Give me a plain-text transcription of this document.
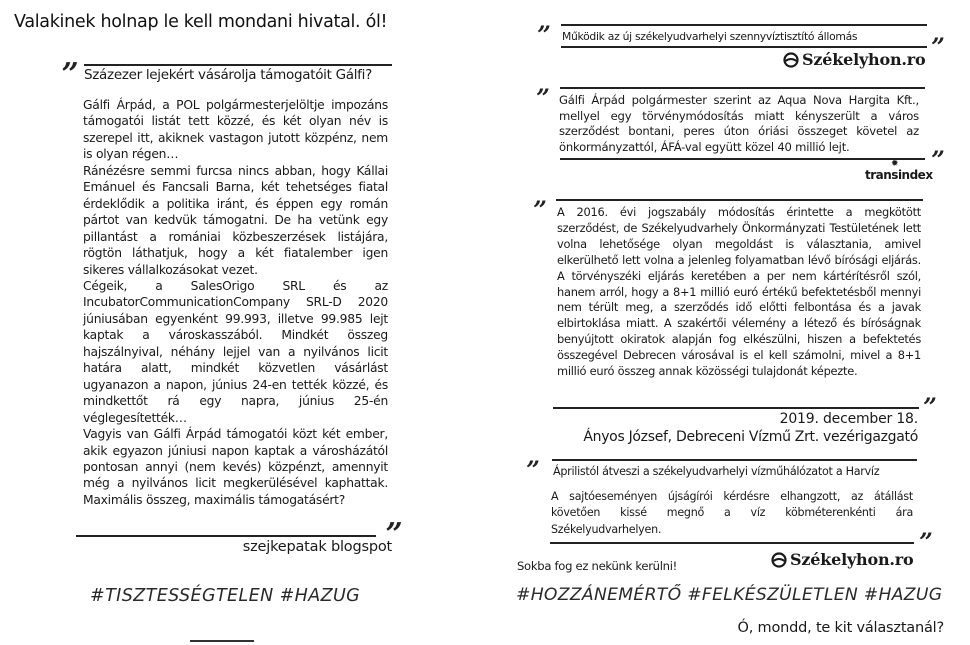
Valakinek holnap le kell mondani hivatal. ól!
” Százezer lejekért vásárolja támogatóit Gálfi?

Gálfi Árpád, a POL polgármesterjelöltje impozáns támogatói listát tett közzé, és két olyan név is szerepel itt, akiknek vastagon jutott közpénz, nem is olyan régen…

Ránézésre semmi furcsa nincs abban, hogy Kállai Emánuel és Fancsali Barna, két tehetséges fiatal érdeklődik a politika iránt, és éppen egy román pártot van kedvük támogatni. De ha vetünk egy pillantást a romániai közbeszerzések listájára, rögtön láthatjuk, hogy a két fiatalember igen sikeres vállalkozásokat vezet.

Cégeik, a SalesOrigo SRL és az IncubatorCommunicationCompany SRL-D 2020 júniusában egyenként 99.993, illetve 99.985 lejt kaptak a városkasszából. Mindkét összeg hajszálnyival, néhány lejjel van a nyilvános licit határa alatt, mindkét közvetlen vásárlást ugyanazon a napon, június 24-en tették közzé, és mindkettőt rá egy napra, június 25-én véglegesítették…

Vagyis van Gálfi Árpád támogatói közt két ember, akik egyazon júniusi napon kaptak a városházától pontosan annyi (nem kevés) közpénzt, amennyit még a nyilvános licit megkerülésével kaphattak. Maximális összeg, maximális támogatásért?

”
szejkepatak blogspot
#TISZTESSÉGTELEN #HAZUG
” Működik az új székelyudvarhelyi szennyvíztisztító állomás	”
Székelyhon.ro
” Gálfi Árpád polgármester szerint az Aqua Nova Hargita Kft., mellyel egy törvénymódosítás miatt kényszerült a város szerződést bontani, peres úton óriási összeget követel az önkormányzattól, ÁFÁ-val együtt közel 40 millió lejt.	”
✹
transindex
” A 2016. évi jogszabály módosítás érintette a megkötött szerződést, de Székelyudvarhely Önkormányzati Testületének lett volna lehetősége olyan megoldást is választania, amivel elkerülhető lett volna a jelenleg folyamatban lévő bírósági eljárás. A törvényszéki eljárás keretében a per nem kártérítésről szól, hanem arról, hogy a 8+1 millió euró értékű befektetésből mennyi nem térült meg, a szerződés idő előtti felbontása és a javak elbirtoklása miatt. A szakértői vélemény a létező és bíróságnak benyújtott okiratok alapján fog elkészülni, hiszen a befektetés összegével Debrecen városával is el kell számolni, mivel a 8+1 millió euró összeg annak közösségi tulajdonát képezte.

”
2019. december 18.
Ányos József, Debreceni Vízmű Zrt. vezérigazgató
” Áprilistól átveszi a székelyudvarhelyi vízműhálózatot a Harvíz

A sajtóeseményen újságírói kérdésre elhangzott, az átállást követően kissé megnő a víz köbméterenkénti ára Székelyudvarhelyen.	”
Sokba fog ez nekünk kerülni!	Székelyhon.ro
#HOZZÁNEMÉRTŐ #FELKÉSZÜLETLEN #HAZUG
Ó, mondd, te kit választanál?
